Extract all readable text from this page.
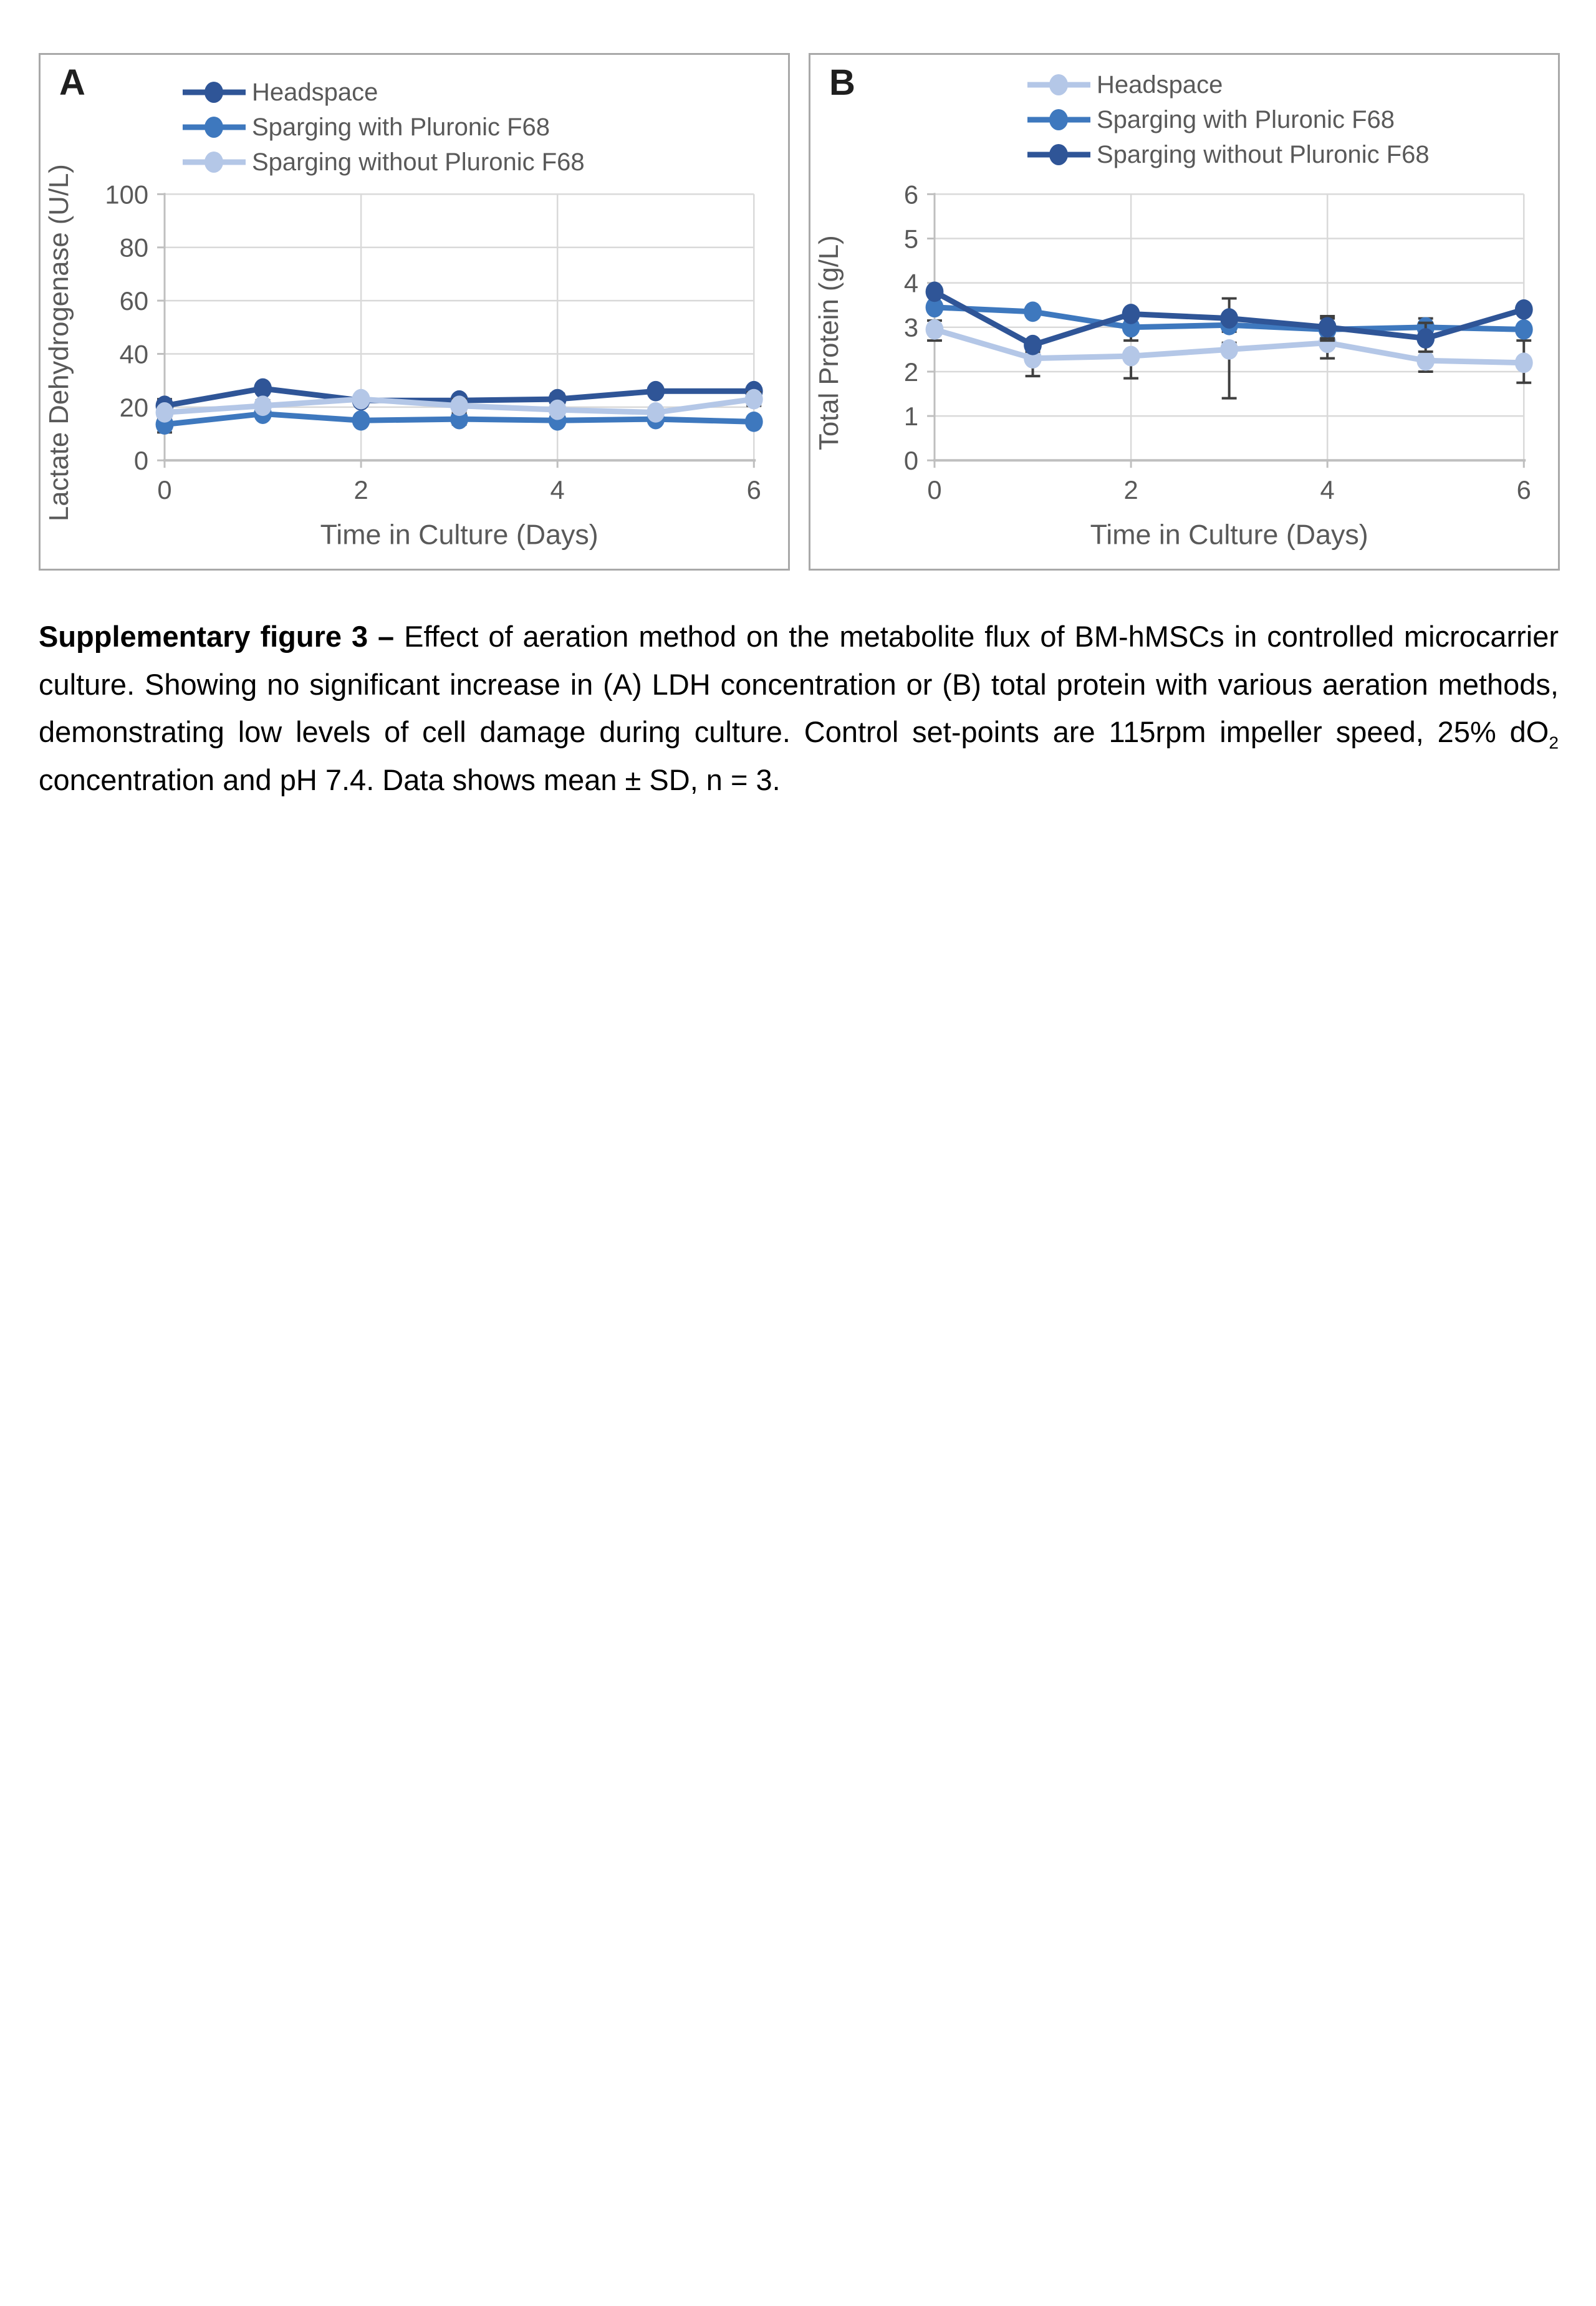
0
20
40
60
80
100
0	2	4	6
Time in Culture (Days)
Lactate Dehydrogenase (U/L)
A	Headspace
Sparging with Pluronic F68
Sparging without Pluronic F68
0
1
2
3
4
5
6
0	2	4	6
Time in Culture (Days)
Total Protein (g/L)
B	Headspace
Sparging with Pluronic F68
Sparging without Pluronic F68

Supplementary figure 3 – Effect of aeration method on the metabolite flux of BM-hMSCs in controlled microcarrier culture. Showing no significant increase in (A) LDH concentration or (B) total protein with various aeration methods, demonstrating low levels of cell damage during culture. Control set-points are 115rpm impeller speed, 25% $dO_2$ concentration and pH 7.4. Data shows mean ± SD, n = 3.
